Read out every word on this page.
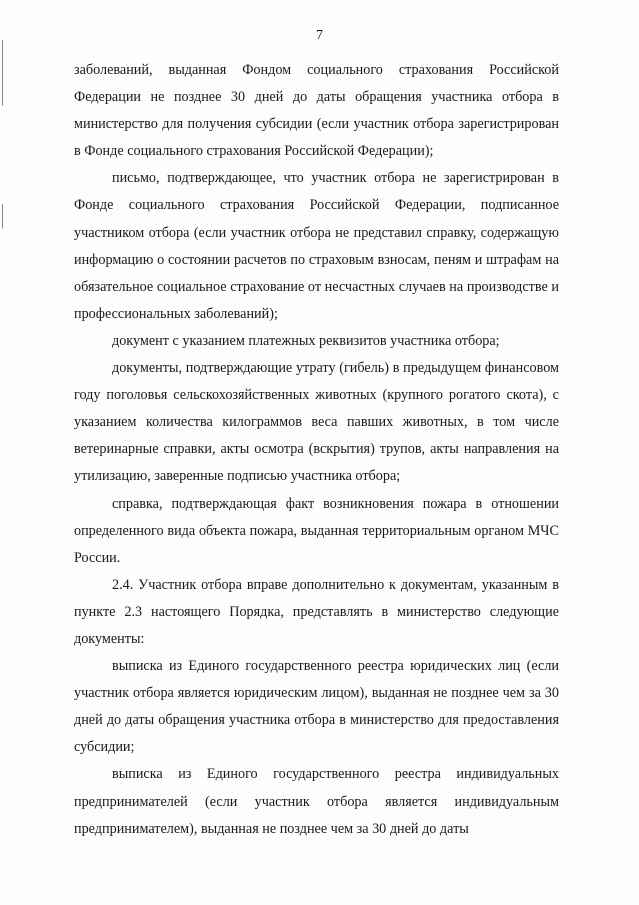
7

заболеваний, выданная Фондом социального страхования Российской Федерации не позднее 30 дней до даты обращения участника отбора в министерство для получения субсидии (если участник отбора зарегистрирован в Фонде социального страхования Российской Федерации);

письмо, подтверждающее, что участник отбора не зарегистрирован в Фонде социального страхования Российской Федерации, подписанное участником отбора (если участник отбора не представил справку, содержащую информацию о состоянии расчетов по страховым взносам, пеням и штрафам на обязательное социальное страхование от несчастных случаев на производстве и профессиональных заболеваний);

документ с указанием платежных реквизитов участника отбора;

документы, подтверждающие утрату (гибель) в предыдущем финансовом году поголовья сельскохозяйственных животных (крупного рогатого скота), с указанием количества килограммов веса павших животных, в том числе ветеринарные справки, акты осмотра (вскрытия) трупов, акты направления на утилизацию, заверенные подписью участника отбора;

справка, подтверждающая факт возникновения пожара в отношении определенного вида объекта пожара, выданная территориальным органом МЧС России.

2.4. Участник отбора вправе дополнительно к документам, указанным в пункте 2.3 настоящего Порядка, представлять в министерство следующие документы:

выписка из Единого государственного реестра юридических лиц (если участник отбора является юридическим лицом), выданная не позднее чем за 30 дней до даты обращения участника отбора в министерство для предоставления субсидии;

выписка из Единого государственного реестра индивидуальных предпринимателей (если участник отбора является индивидуальным предпринимателем), выданная не позднее чем за 30 дней до даты
